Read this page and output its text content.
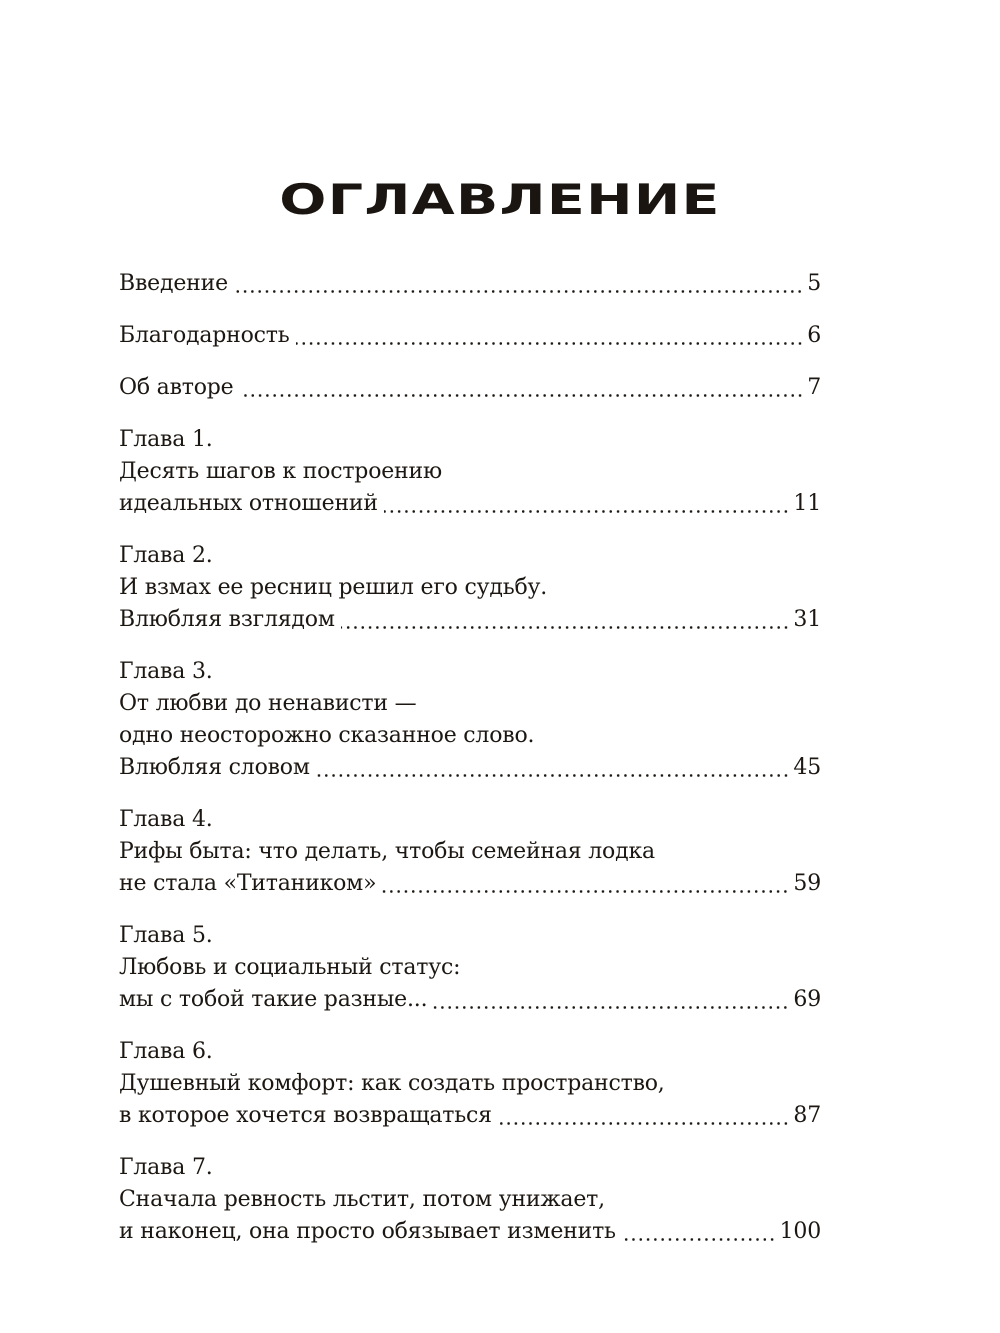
ОГЛАВЛЕНИЕ
Введение	5
Благодарность	6
Об авторе	7
Глава 1.
Десять шагов к построению
идеальных отношений	11
Глава 2.
И взмах ее ресниц решил его судьбу.
Влюбляя взглядом	31
Глава 3.
От любви до ненависти —
одно неосторожно сказанное слово.
Влюбляя словом	45
Глава 4.
Рифы быта: что делать, чтобы семейная лодка
не стала «Титаником»	59
Глава 5.
Любовь и социальный статус:
мы с тобой такие разные...	69
Глава 6.
Душевный комфорт: как создать пространство,
в которое хочется возвращаться	87
Глава 7.
Сначала ревность льстит, потом унижает,
и наконец, она просто обязывает изменить	100
